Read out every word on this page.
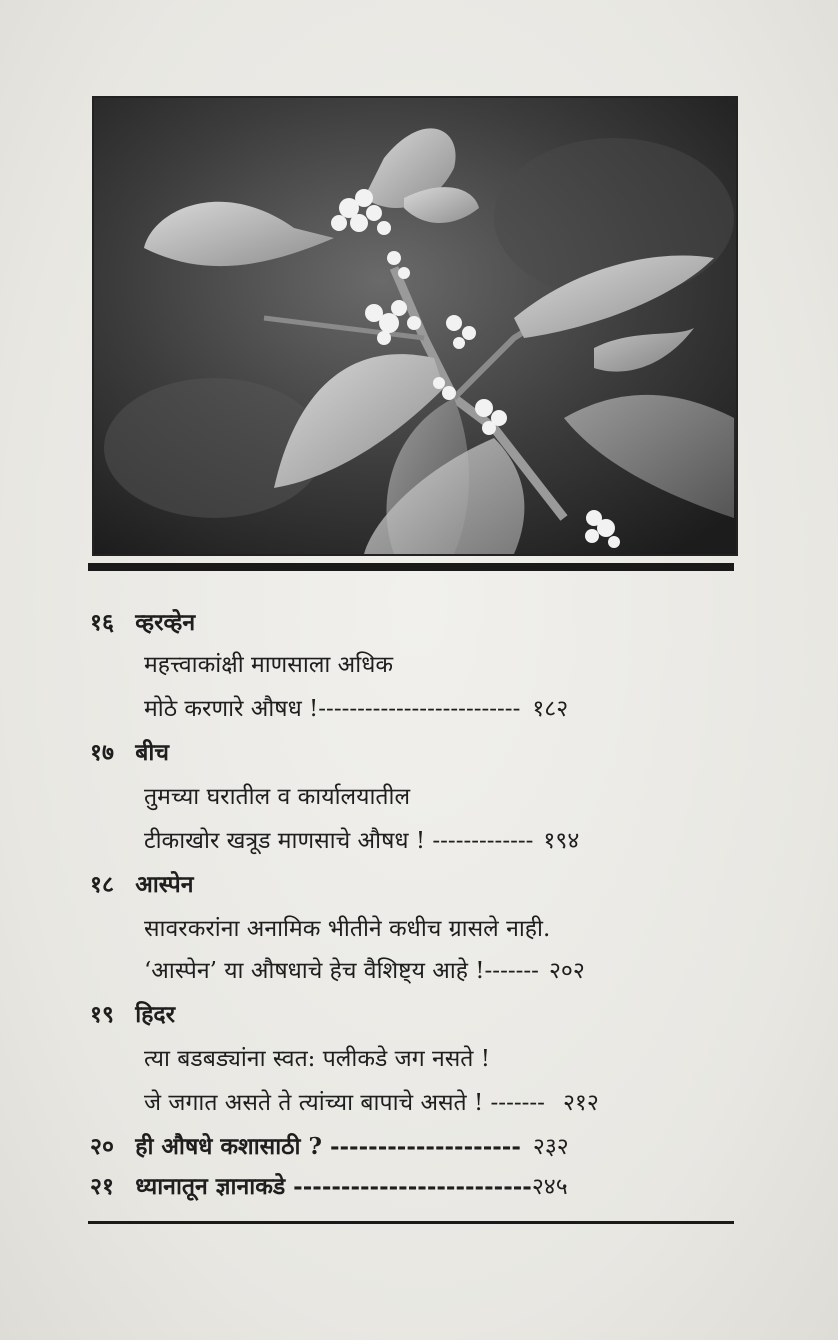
१६ व्हरव्हेन
महत्त्वाकांक्षी माणसाला अधिक
मोठे करणारे औषध !-------------------------- १८२
१७ बीच
तुमच्या घरातील व कार्यालयातील
टीकाखोर खत्रूड माणसाचे औषध ! ------------- १९४
१८ आस्पेन
सावरकरांना अनामिक भीतीने कधीच ग्रासले नाही.
‘आस्पेन’ या औषधाचे हेच वैशिष्ट्य आहे !------- २०२
१९ हिदर
त्या बडबड्यांना स्वत: पलीकडे जग नसते !
जे जगात असते ते त्यांच्या बापाचे असते ! ------- २१२
२० ही औषधे कशासाठी ? -------------------- २३२
२१ ध्यानातून ज्ञानाकडे -------------------------२४५
